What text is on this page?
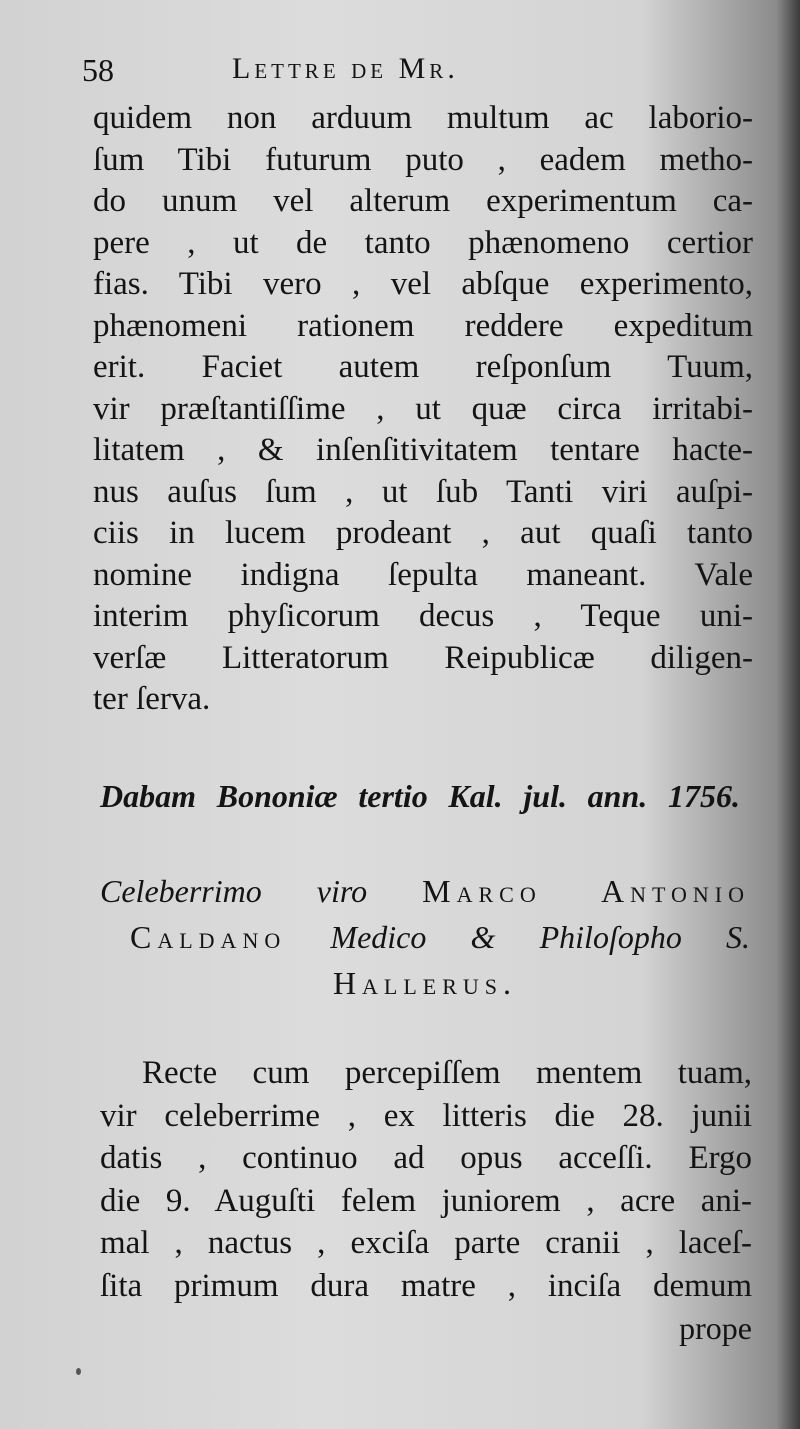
58	Lettre de Mr.
quidem non arduum multum ac laborio-
ſum Tibi futurum puto , eadem metho-
do unum vel alterum experimentum ca-
pere , ut de tanto phænomeno certior
fias. Tibi vero , vel abſque experimento,
phænomeni rationem reddere expeditum
erit. Faciet autem reſponſum Tuum,
vir præſtantiſſime , ut quæ circa irritabi-
litatem , & inſenſitivitatem tentare hacte-
nus auſus ſum , ut ſub Tanti viri auſpi-
ciis in lucem prodeant , aut quaſi tanto
nomine indigna ſepulta maneant. Vale
interim phyſicorum decus , Teque uni-
verſæ Litteratorum Reipublicæ diligen-
ter ſerva.
Dabam Bononiæ tertio Kal. jul. ann. 1756.
Celeberrimo viro Marco Antonio
Caldano Medico & Philoſopho S.
Hallerus.
Recte cum percepiſſem mentem tuam,
vir celeberrime , ex litteris die 28. junii
datis , continuo ad opus acceſſi. Ergo
die 9. Auguſti felem juniorem , acre ani-
mal , nactus , exciſa parte cranii , laceſ-
ſita primum dura matre , inciſa demum
prope
